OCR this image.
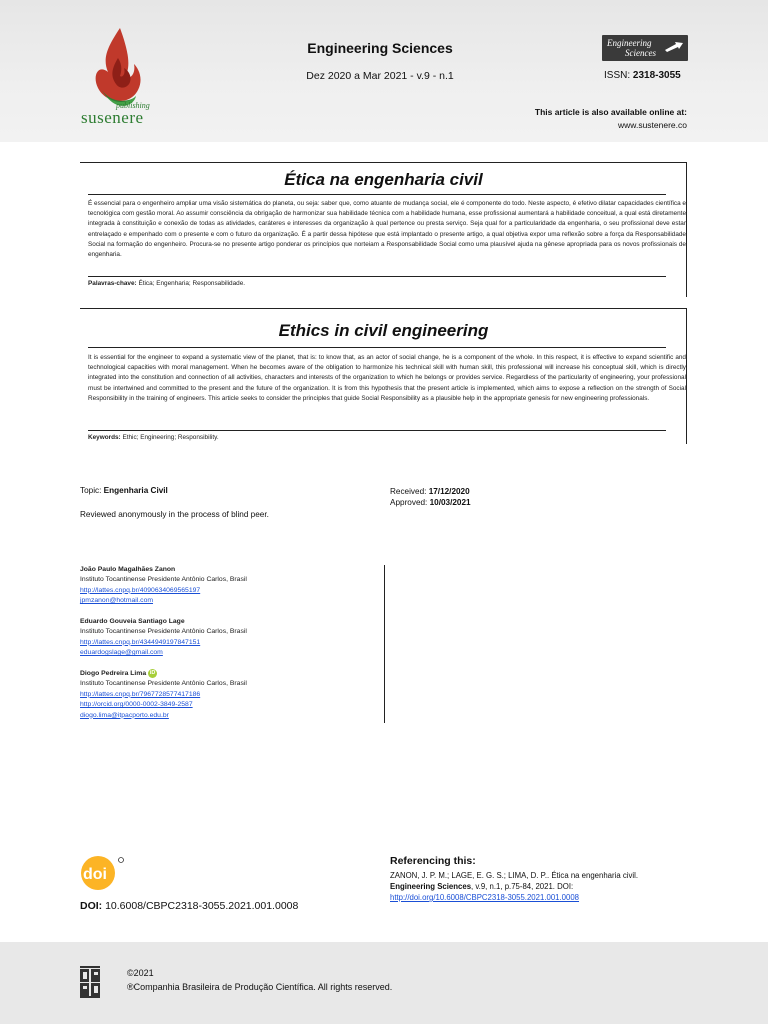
publishing
susenere
Engineering Sciences
Dez 2020 a Mar 2021 - v.9 - n.1
Engineering
Sciences
ISSN: 2318-3055
This article is also available online at:
www.sustenere.co
Ética na engenharia civil
É essencial para o engenheiro ampliar uma visão sistemática do planeta, ou seja: saber que, como atuante de mudança social, ele é componente do todo. Neste aspecto, é efetivo dilatar capacidades científica e tecnológica com gestão moral. Ao assumir consciência da obrigação de harmonizar sua habilidade técnica com a habilidade humana, esse profissional aumentará a habilidade conceitual, a qual está diretamente integrada à constituição e conexão de todas as atividades, caráteres e interesses da organização à qual pertence ou presta serviço. Seja qual for a particularidade da engenharia, o seu profissional deve estar entrelaçado e empenhado com o presente e com o futuro da organização. É a partir dessa hipótese que está implantado o presente artigo, a qual objetiva expor uma reflexão sobre a força da Responsabilidade Social na formação do engenheiro. Procura-se no presente artigo ponderar os princípios que norteiam a Responsabilidade Social como uma plausível ajuda na gênese apropriada para os novos profissionais de engenharia.
Palavras-chave: Ética; Engenharia; Responsabilidade.
Ethics in civil engineering
It is essential for the engineer to expand a systematic view of the planet, that is: to know that, as an actor of social change, he is a component of the whole. In this respect, it is effective to expand scientific and technological capacities with moral management. When he becomes aware of the obligation to harmonize his technical skill with human skill, this professional will increase his conceptual skill, which is directly integrated into the constitution and connection of all activities, characters and interests of the organization to which he belongs or provides service. Regardless of the particularity of engineering, your professional must be intertwined and committed to the present and the future of the organization. It is from this hypothesis that the present article is implemented, which aims to expose a reflection on the strength of Social Responsibility in the training of engineers. This article seeks to consider the principles that guide Social Responsibility as a plausible help in the appropriate genesis for new engineering professionals.
Keywords: Ethic; Engineering; Responsibility.
Topic: Engenharia Civil
Reviewed anonymously in the process of blind peer.
Received: 17/12/2020
Approved: 10/03/2021
João Paulo Magalhães Zanon
Instituto Tocantinense Presidente Antônio Carlos, Brasil
http://lattes.cnpq.br/4090634069565197
jpmzanon@hotmail.com
Eduardo Gouveia Santiago Lage
Instituto Tocantinense Presidente Antônio Carlos, Brasil
http://lattes.cnpq.br/4344949197847151
eduardogslage@gmail.com
Diogo Pedreira Lima iD
Instituto Tocantinense Presidente Antônio Carlos, Brasil
http://lattes.cnpq.br/7967728577417186
http://orcid.org/0000-0002-3849-2587
diogo.lima@itpacporto.edu.br
doi
DOI: 10.6008/CBPC2318-3055.2021.001.0008
Referencing this:
ZANON, J. P. M.; LAGE, E. G. S.; LIMA, D. P.. Ética na engenharia civil.
Engineering Sciences, v.9, n.1, p.75-84, 2021. DOI:
http://doi.org/10.6008/CBPC2318-3055.2021.001.0008
©2021
®Companhia Brasileira de Produção Científica. All rights reserved.
